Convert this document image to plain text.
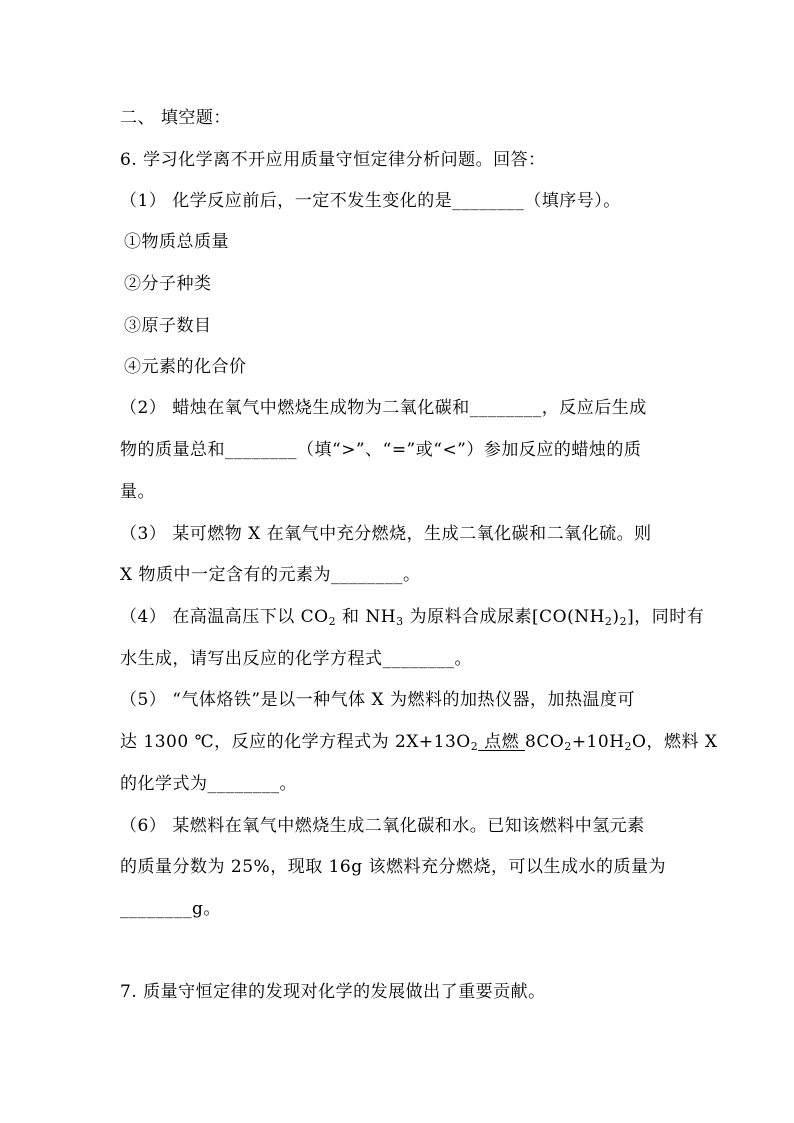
二、 填空题：
6. 学习化学离不开应用质量守恒定律分析问题。回答：
（1） 化学反应前后，一定不发生变化的是________（填序号）。
①物质总质量
②分子种类
③原子数目
④元素的化合价
（2） 蜡烛在氧气中燃烧生成物为二氧化碳和________，反应后生成
物的质量总和________（填“>”、“=”或“<”）参加反应的蜡烛的质
量。
（3） 某可燃物 X 在氧气中充分燃烧，生成二氧化碳和二氧化硫。则
X 物质中一定含有的元素为________。
（4） 在高温高压下以 $CO_2$ 和 $NH_3$ 为原料合成尿素$[CO(NH_2)_2]$，同时有
水生成，请写出反应的化学方程式________。
（5） “气体烙铁”是以一种气体 X 为燃料的加热仪器，加热温度可
达 1300 ℃，反应的化学方程式为 $2X+13O_2$ 点燃 $8CO_2+10H_2O$，燃料 X
的化学式为________。
（6） 某燃料在氧气中燃烧生成二氧化碳和水。已知该燃料中氢元素
的质量分数为 25%，现取 16g 该燃料充分燃烧，可以生成水的质量为
________g。
7. 质量守恒定律的发现对化学的发展做出了重要贡献。
